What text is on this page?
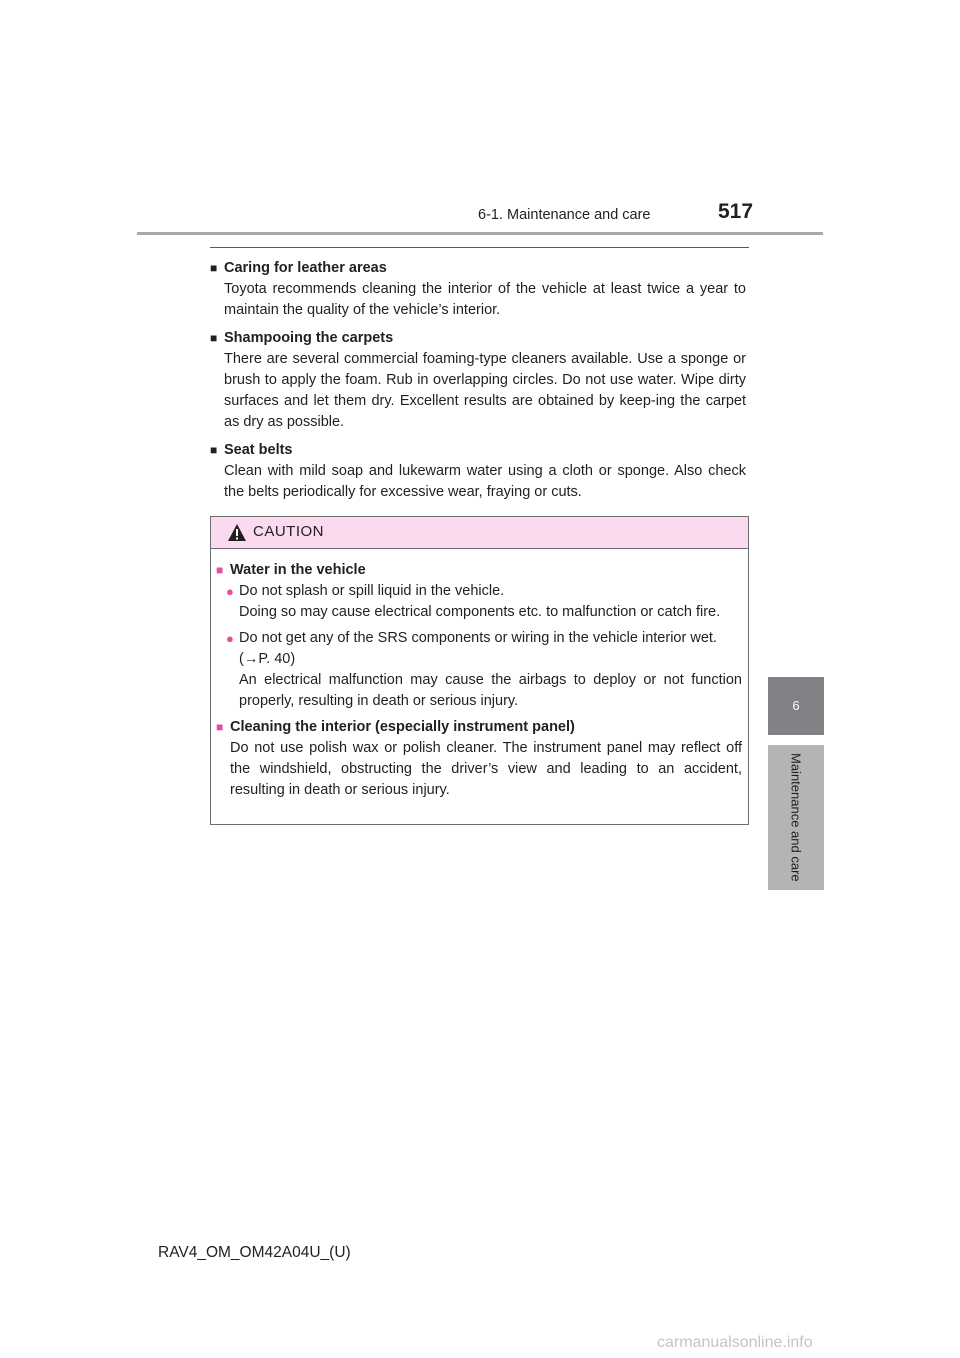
6-1. Maintenance and care	517
6
Maintenance and care
■ Caring for leather areas
Toyota recommends cleaning the interior of the vehicle at least twice a year to maintain the quality of the vehicle’s interior.
■ Shampooing the carpets
There are several commercial foaming-type cleaners available. Use a sponge or brush to apply the foam. Rub in overlapping circles. Do not use water. Wipe dirty surfaces and let them dry. Excellent results are obtained by keep-ing the carpet as dry as possible.
■ Seat belts
Clean with mild soap and lukewarm water using a cloth or sponge. Also check the belts periodically for excessive wear, fraying or cuts.
CAUTION
■ Water in the vehicle
● Do not splash or spill liquid in the vehicle.
Doing so may cause electrical components etc. to malfunction or catch fire.
● Do not get any of the SRS components or wiring in the vehicle interior wet.
(→P. 40)
An electrical malfunction may cause the airbags to deploy or not function properly, resulting in death or serious injury.
■ Cleaning the interior (especially instrument panel)
Do not use polish wax or polish cleaner. The instrument panel may reflect off the windshield, obstructing the driver’s view and leading to an accident, resulting in death or serious injury.
RAV4_OM_OM42A04U_(U)
carmanualsonline.info
